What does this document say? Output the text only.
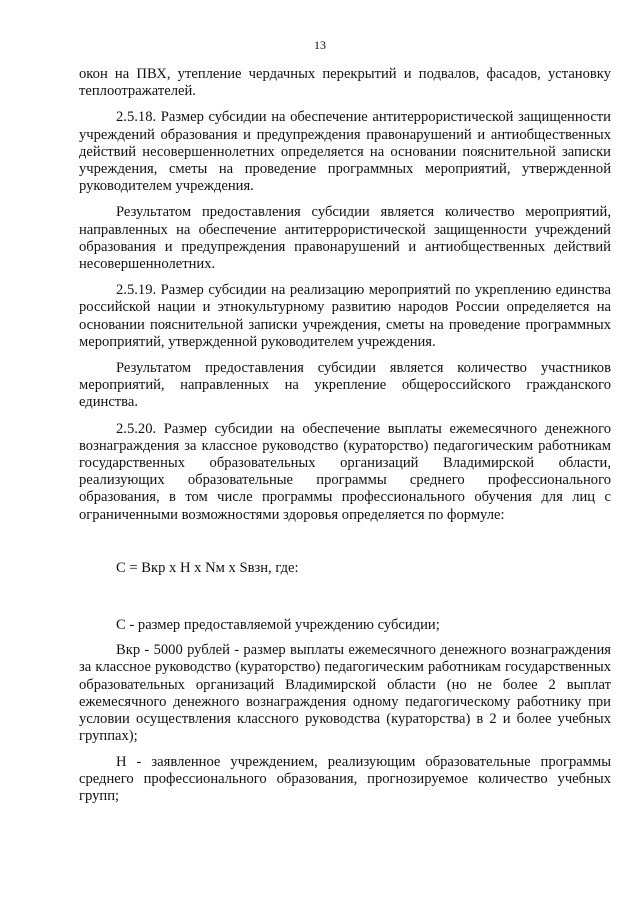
13

окон на ПВХ, утепление чердачных перекрытий и подвалов, фасадов, установку теплоотражателей.

2.5.18. Размер субсидии на обеспечение антитеррористической защищенности учреждений образования и предупреждения правонарушений и антиобщественных действий несовершеннолетних определяется на основании пояснительной записки учреждения, сметы на проведение программных мероприятий, утвержденной руководителем учреждения.

Результатом предоставления субсидии является количество мероприятий, направленных на обеспечение антитеррористической защищенности учреждений образования и предупреждения правонарушений и антиобщественных действий несовершеннолетних.

2.5.19. Размер субсидии на реализацию мероприятий по укреплению единства российской нации и этнокультурному развитию народов России определяется на основании пояснительной записки учреждения, сметы на проведение программных мероприятий, утвержденной руководителем учреждения.

Результатом предоставления субсидии является количество участников мероприятий, направленных на укрепление общероссийского гражданского единства.

2.5.20. Размер субсидии на обеспечение выплаты ежемесячного денежного вознаграждения за классное руководство (кураторство) педагогическим работникам государственных образовательных организаций Владимирской области, реализующих образовательные программы среднего профессионального образования, в том числе программы профессионального обучения для лиц с ограниченными возможностями здоровья определяется по формуле:

C = Вкр x H x Nм x Sвзн, где:

С - размер предоставляемой учреждению субсидии;

Вкр - 5000 рублей - размер выплаты ежемесячного денежного вознаграждения за классное руководство (кураторство) педагогическим работникам государственных образовательных организаций Владимирской области (но не более 2 выплат ежемесячного денежного вознаграждения одному педагогическому работнику при условии осуществления классного руководства (кураторства) в 2 и более учебных группах);

Н - заявленное учреждением, реализующим образовательные программы среднего профессионального образования, прогнозируемое количество учебных групп;
